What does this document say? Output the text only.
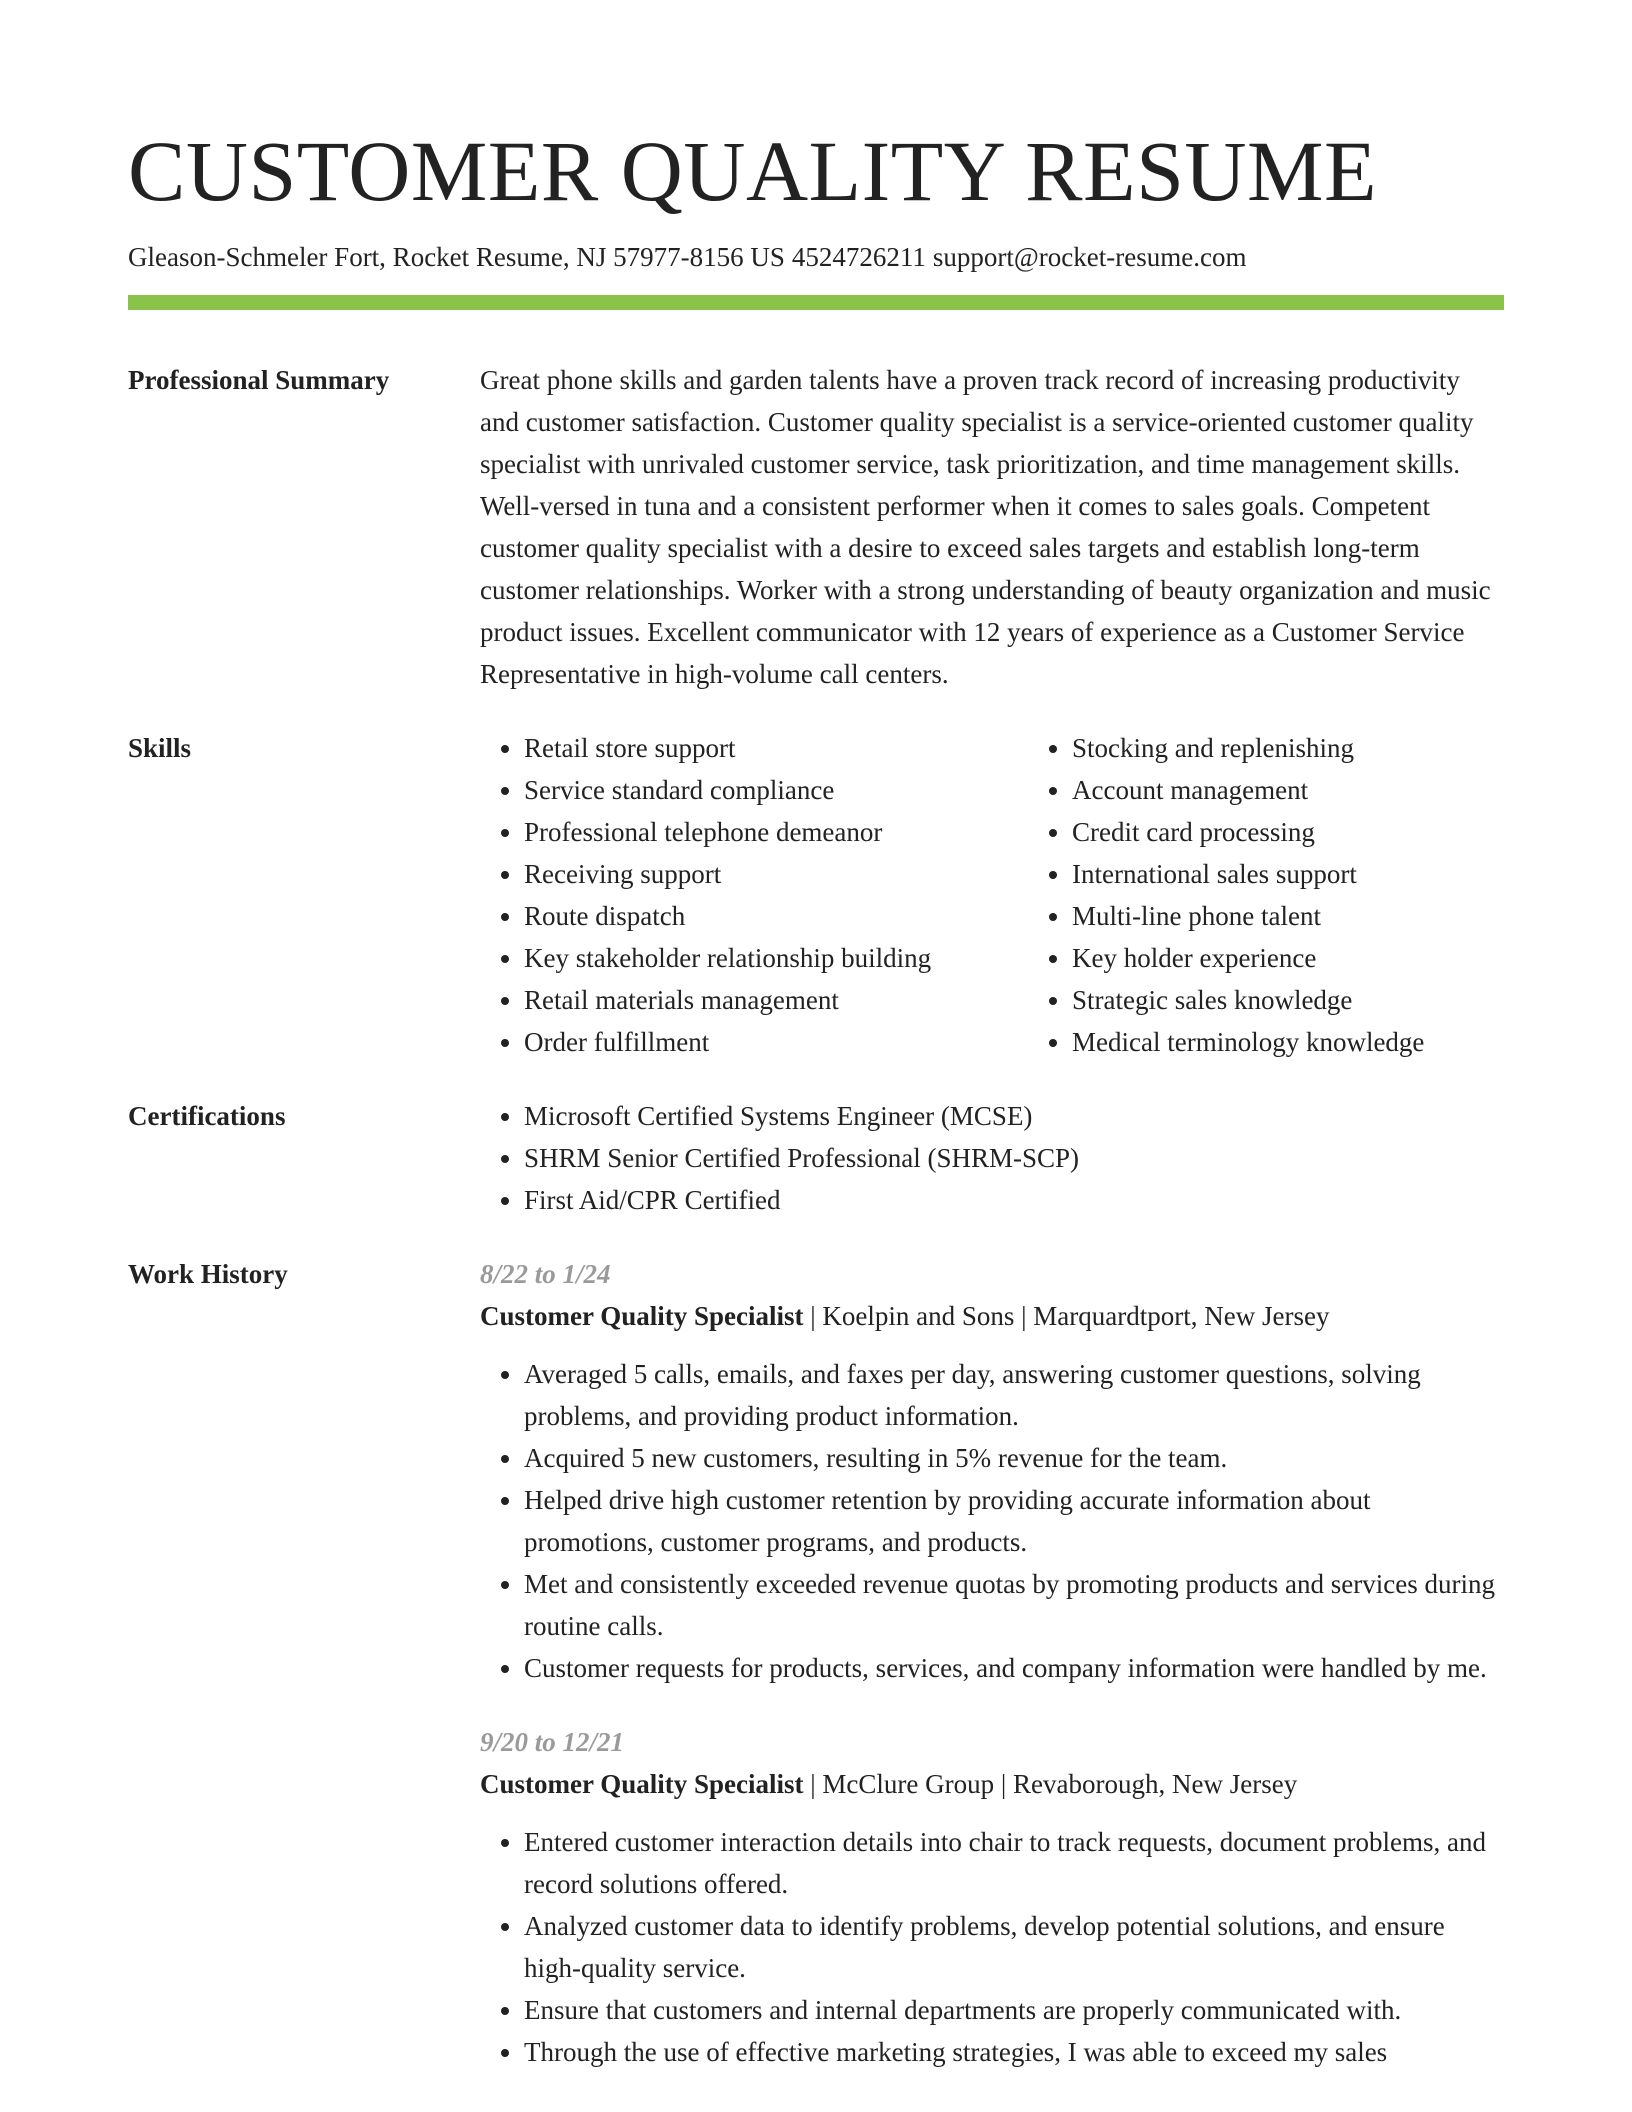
CUSTOMER QUALITY RESUME
Gleason-Schmeler Fort, Rocket Resume, NJ 57977-8156 US 4524726211 support@rocket-resume.com
Professional Summary	Great phone skills and garden talents have a proven track record of increasing productivity and customer satisfaction. Customer quality specialist is a service-oriented customer quality specialist with unrivaled customer service, task prioritization, and time management skills. Well-versed in tuna and a consistent performer when it comes to sales goals. Competent customer quality specialist with a desire to exceed sales targets and establish long-term customer relationships. Worker with a strong understanding of beauty organization and music product issues. Excellent communicator with 12 years of experience as a Customer Service Representative in high-volume call centers.

Skills	• Retail store support
• Service standard compliance
• Professional telephone demeanor
• Receiving support
• Route dispatch
• Key stakeholder relationship building
• Retail materials management
• Order fulfillment
• Stocking and replenishing
• Account management
• Credit card processing
• International sales support
• Multi-line phone talent
• Key holder experience
• Strategic sales knowledge
• Medical terminology knowledge
Certifications	• Microsoft Certified Systems Engineer (MCSE)
• SHRM Senior Certified Professional (SHRM-SCP)
• First Aid/CPR Certified
Work History	8/22 to 1/24
Customer Quality Specialist | Koelpin and Sons | Marquardtport, New Jersey
• Averaged 5 calls, emails, and faxes per day, answering customer questions, solving problems, and providing product information.
• Acquired 5 new customers, resulting in 5% revenue for the team.
• Helped drive high customer retention by providing accurate information about promotions, customer programs, and products.
• Met and consistently exceeded revenue quotas by promoting products and services during routine calls.
• Customer requests for products, services, and company information were handled by me.
9/20 to 12/21
Customer Quality Specialist | McClure Group | Revaborough, New Jersey
• Entered customer interaction details into chair to track requests, document problems, and record solutions offered.
• Analyzed customer data to identify problems, develop potential solutions, and ensure high-quality service.
• Ensure that customers and internal departments are properly communicated with.
• Through the use of effective marketing strategies, I was able to exceed my sales
